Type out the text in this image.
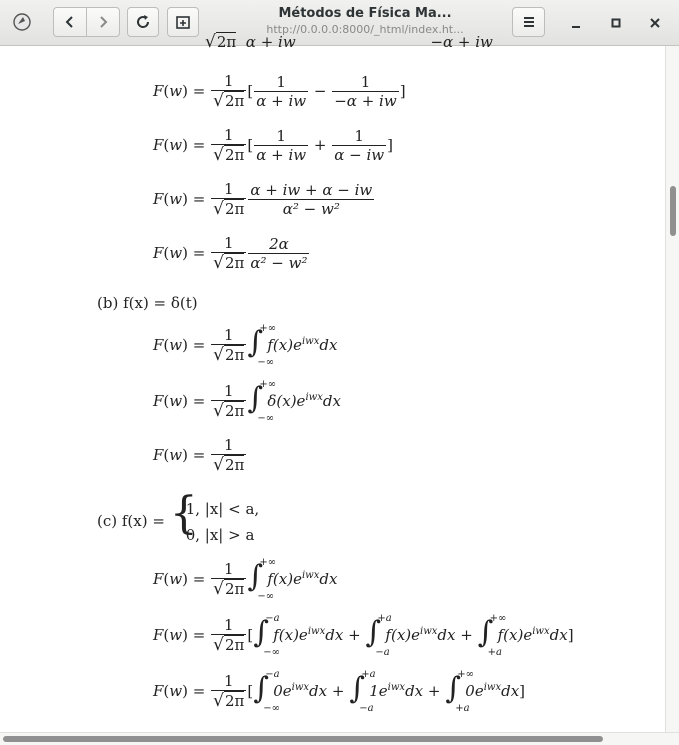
Métodos de Física Ma...
http://0.0.0.0:8000/_html/index.ht...
√2π α + iw	−α + iw
$F(w) = \frac{1}{√2\pi}$ [ $\frac{1}{\alpha + iw} - \frac{1}{-\alpha + iw}$ ]
$F(w) = \frac{1}{√2\pi}$ [ $\frac{1}{\alpha + iw} + \frac{1}{\alpha - iw}$ ]
$F(w) = \frac{1}{√2\pi} \frac{\alpha + iw + \alpha - iw}{\text{α² − w²}}$
$F(w) = \frac{1}{√2\pi} \frac{2\alpha}{\text{α² − w²}}$
(b) f(x) = δ(t)
$F(w) = \frac{1}{√2\pi}$ ∫
+∞
−∞
$f(x)e^{iwx}dx$
$F(w) = \frac{1}{√2\pi}$ ∫
+∞
−∞
$\delta(x)e^{iwx}dx$
$F(w) = \frac{1}{√2\pi}$
(c) f(x) = {
1, |x| < a,
0, |x| > a
$F(w) = \frac{1}{√2\pi}$ ∫
+∞
−∞
$f(x)e^{iwx}dx$
$F(w) = \frac{1}{√2\pi}$ [ ∫
−a
−∞
$f(x)e^{iwx}dx$ + ∫
+a
−a
$f(x)e^{iwx}dx$ + ∫
+∞
+a
$f(x)e^{iwx}dx$]
$F(w) = \frac{1}{√2\pi}$ [ ∫
−a
−∞
$0e^{iwx}dx$ + ∫
+a
−a
$1e^{iwx}dx$ + ∫
+∞
+a
$0e^{iwx}dx$]
